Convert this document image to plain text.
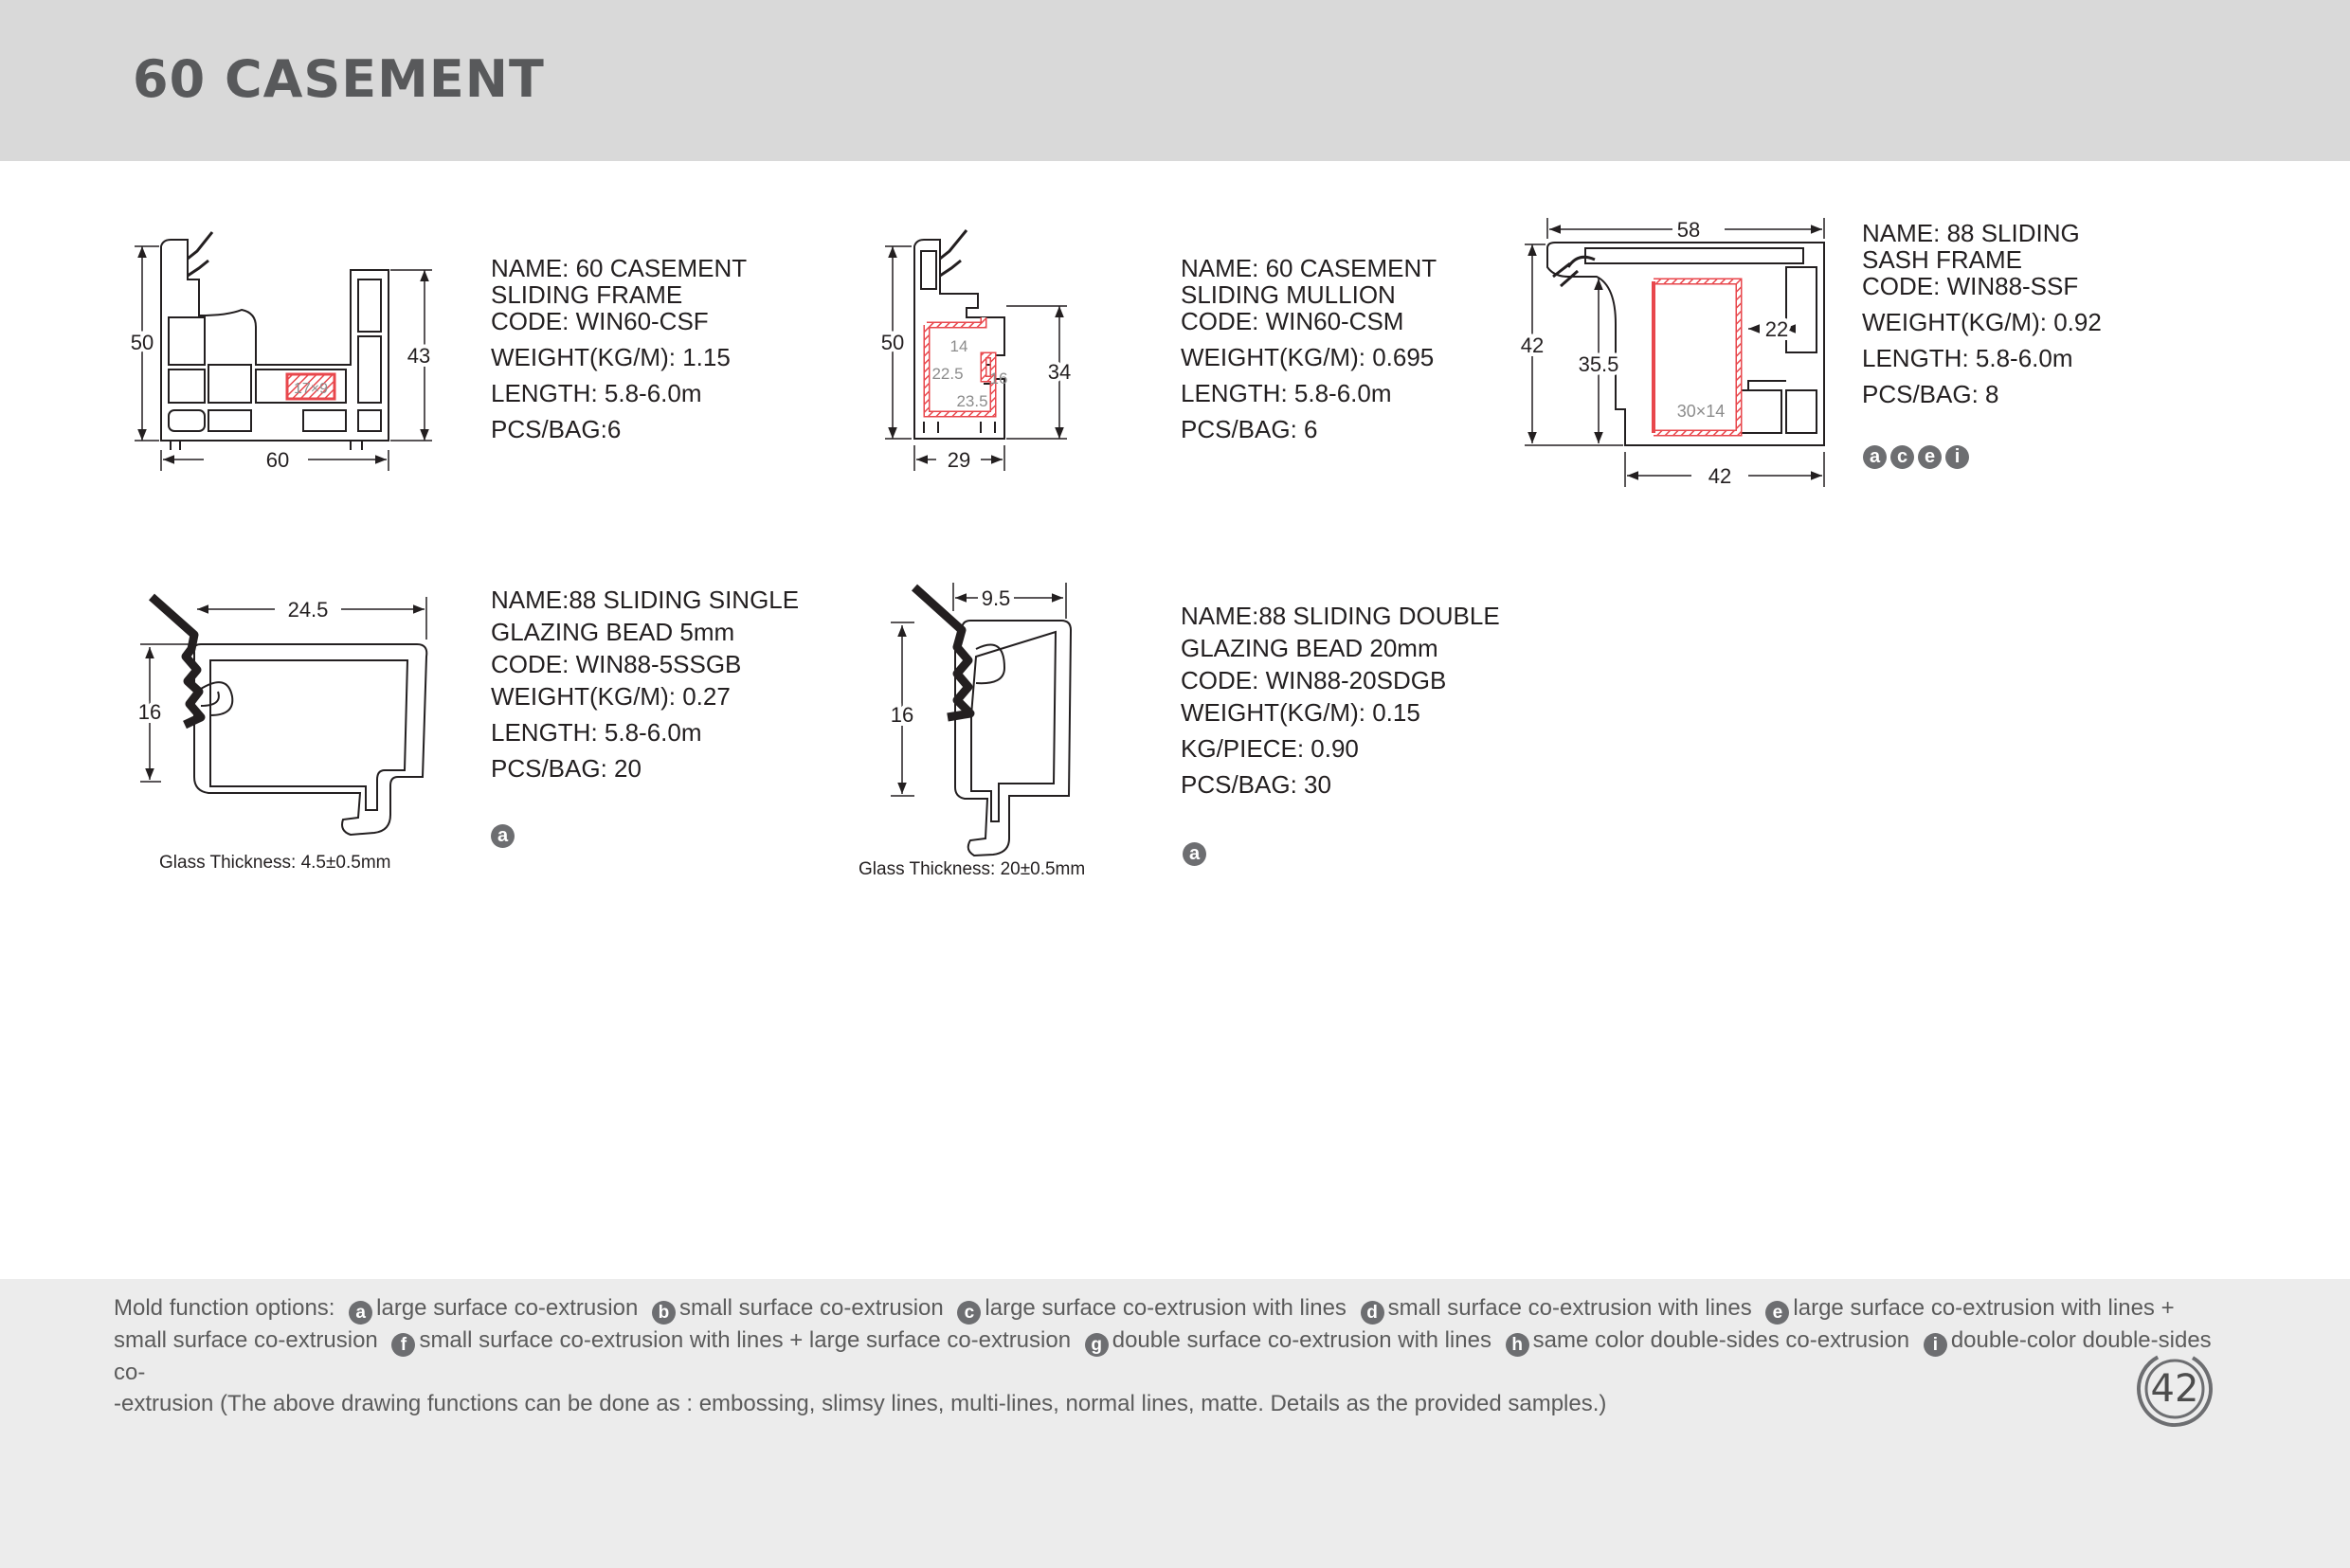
60 CASEMENT
17×9
50
43
60
NAME: 60 CASEMENT
SLIDING FRAME
CODE: WIN60-CSF
WEIGHT(KG/M): 1.15
LENGTH: 5.8-6.0m
PCS/BAG:6
14
22.5 16
23.5
50
34
29
NAME: 60 CASEMENT
SLIDING MULLION
CODE: WIN60-CSM
WEIGHT(KG/M): 0.695
LENGTH: 5.8-6.0m
PCS/BAG: 6
30×14
58
42
35.5
22
42
NAME: 88 SLIDING
SASH FRAME
CODE: WIN88-SSF
WEIGHT(KG/M): 0.92
LENGTH: 5.8-6.0m
PCS/BAG: 8
a c e	i
24.5
16
Glass Thickness: 4.5±0.5mm
NAME:88 SLIDING SINGLE
GLAZING BEAD 5mm
CODE: WIN88-5SSGB
WEIGHT(KG/M): 0.27
LENGTH: 5.8-6.0m
PCS/BAG: 20
a
9.5
16
Glass Thickness: 20±0.5mm
NAME:88 SLIDING DOUBLE
GLAZING BEAD 20mm
CODE: WIN88-20SDGB
WEIGHT(KG/M): 0.15
KG/PIECE: 0.90
PCS/BAG: 30
a
Mold function options: a large surface co-extrusion b small surface co-extrusion c large surface co-extrusion with lines d small surface co-extrusion with lines e large surface co-extrusion with lines + small surface co-extrusion f small surface co-extrusion with lines + large surface co-extrusion g double surface co-extrusion with lines h same color double-sides co-extrusion i double-color double-sides co-
-extrusion (The above drawing functions can be done as : embossing, slimsy lines, multi-lines, normal lines, matte. Details as the provided samples.)	42
